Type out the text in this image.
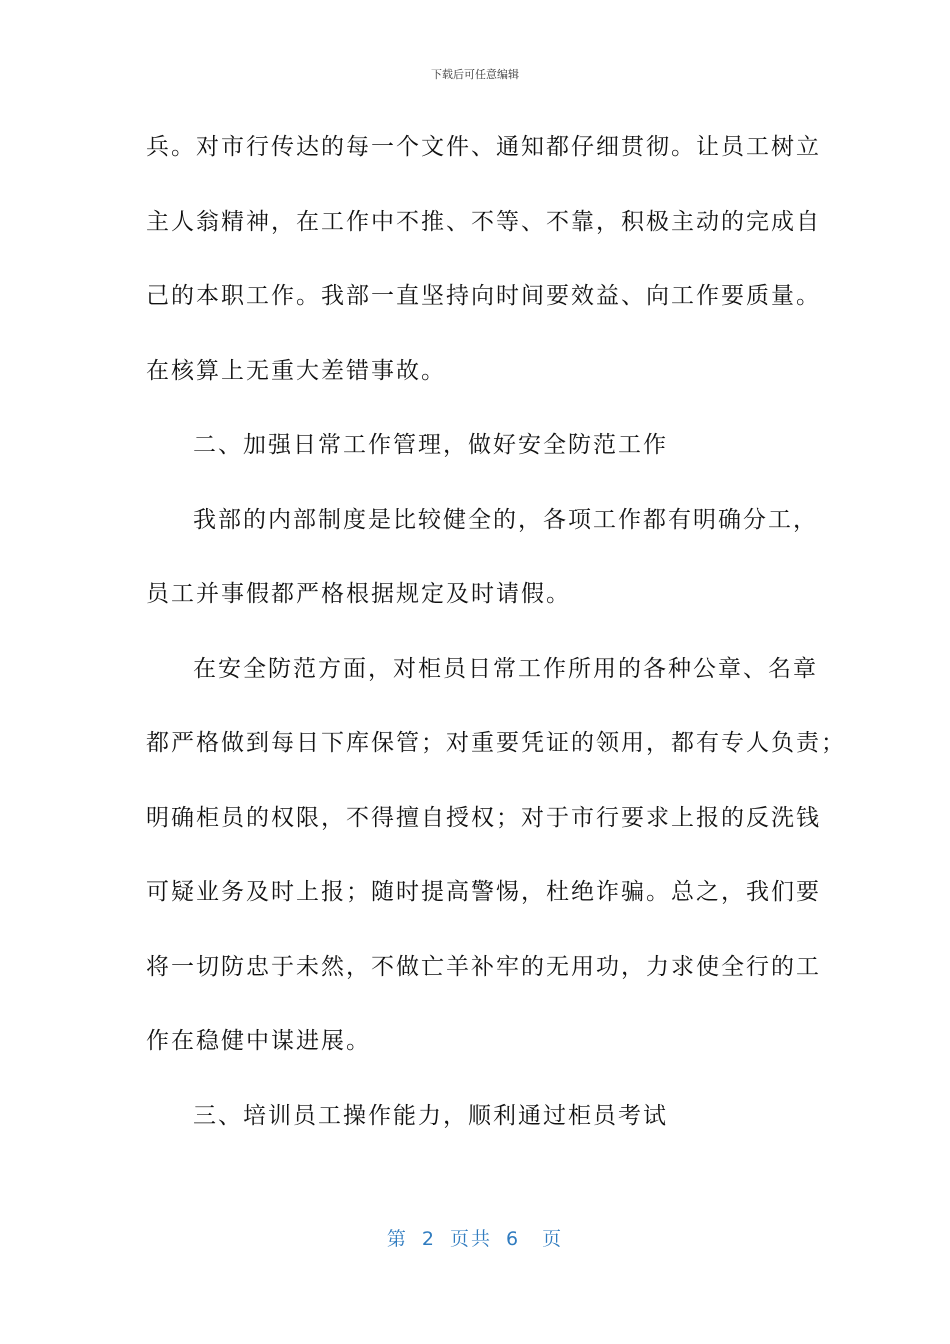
下载后可任意编辑
兵。对市行传达的每一个文件、通知都仔细贯彻。让员工树立
主人翁精神，在工作中不推、不等、不靠，积极主动的完成自
己的本职工作。我部一直坚持向时间要效益、向工作要质量。
在核算上无重大差错事故。
二、加强日常工作管理，做好安全防范工作
我部的内部制度是比较健全的，各项工作都有明确分工，
员工并事假都严格根据规定及时请假。
在安全防范方面，对柜员日常工作所用的各种公章、名章
都严格做到每日下库保管；对重要凭证的领用，都有专人负责；
明确柜员的权限，不得擅自授权；对于市行要求上报的反洗钱
可疑业务及时上报；随时提高警惕，杜绝诈骗。总之，我们要
将一切防忠于未然，不做亡羊补牢的无用功，力求使全行的工
作在稳健中谋进展。
三、培训员工操作能力，顺利通过柜员考试
第 2 页共 6 页
